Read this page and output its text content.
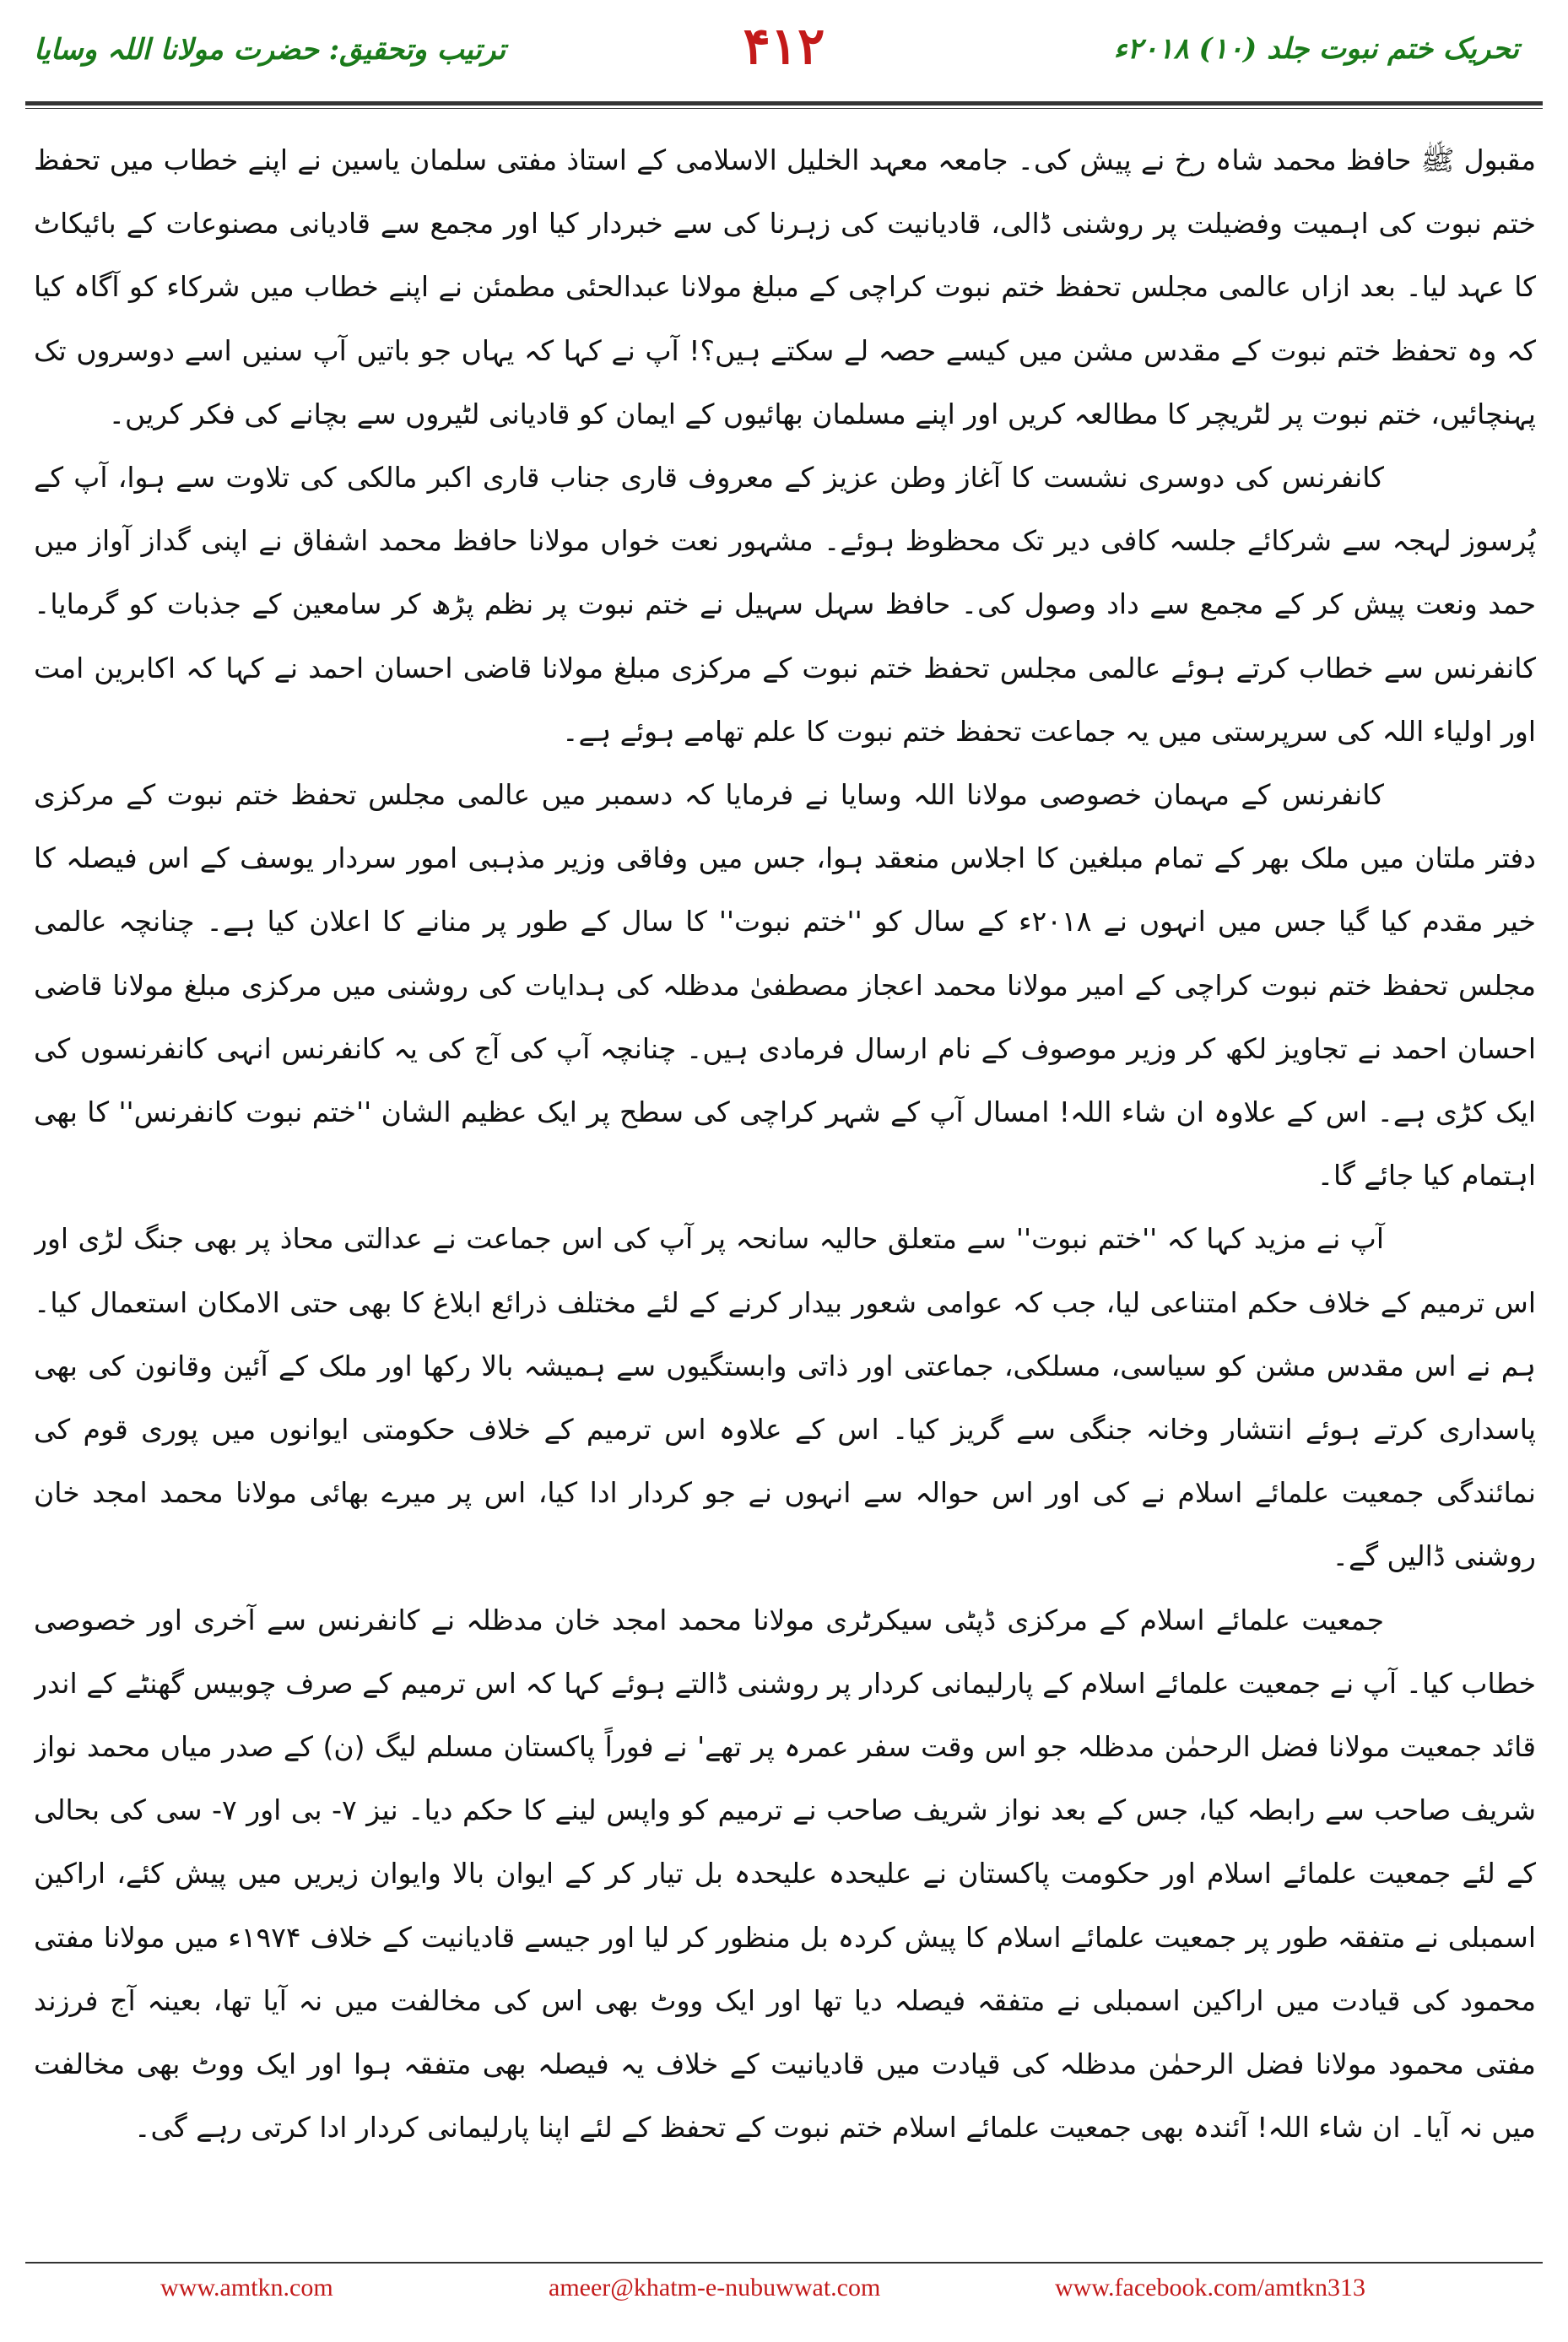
تحریک ختم نبوت جلد (۱۰) ۲۰۱۸ء
۴۱۲
ترتیب وتحقیق: حضرت مولانا اللہ وسایا

مقبول ﷺ حافظ محمد شاہ رخ نے پیش کی۔ جامعہ معہد الخلیل الاسلامی کے استاذ مفتی سلمان یاسین نے اپنے خطاب میں تحفظ ختم نبوت کی اہمیت وفضیلت پر روشنی ڈالی، قادیانیت کی زہرنا کی سے خبردار کیا اور مجمع سے قادیانی مصنوعات کے بائیکاٹ کا عہد لیا۔ بعد ازاں عالمی مجلس تحفظ ختم نبوت کراچی کے مبلغ مولانا عبدالحئی مطمئن نے اپنے خطاب میں شرکاء کو آگاہ کیا کہ وہ تحفظ ختم نبوت کے مقدس مشن میں کیسے حصہ لے سکتے ہیں؟! آپ نے کہا کہ یہاں جو باتیں آپ سنیں اسے دوسروں تک پہنچائیں، ختم نبوت پر لٹریچر کا مطالعہ کریں اور اپنے مسلمان بھائیوں کے ایمان کو قادیانی لٹیروں سے بچانے کی فکر کریں۔

کانفرنس کی دوسری نشست کا آغاز وطن عزیز کے معروف قاری جناب قاری اکبر مالکی کی تلاوت سے ہوا، آپ کے پُرسوز لہجہ سے شرکائے جلسہ کافی دیر تک محظوظ ہوئے۔ مشہور نعت خواں مولانا حافظ محمد اشفاق نے اپنی گداز آواز میں حمد ونعت پیش کر کے مجمع سے داد وصول کی۔ حافظ سہل سہیل نے ختم نبوت پر نظم پڑھ کر سامعین کے جذبات کو گرمایا۔ کانفرنس سے خطاب کرتے ہوئے عالمی مجلس تحفظ ختم نبوت کے مرکزی مبلغ مولانا قاضی احسان احمد نے کہا کہ اکابرین امت اور اولیاء اللہ کی سرپرستی میں یہ جماعت تحفظ ختم نبوت کا علم تھامے ہوئے ہے۔

کانفرنس کے مہمان خصوصی مولانا اللہ وسایا نے فرمایا کہ دسمبر میں عالمی مجلس تحفظ ختم نبوت کے مرکزی دفتر ملتان میں ملک بھر کے تمام مبلغین کا اجلاس منعقد ہوا، جس میں وفاقی وزیر مذہبی امور سردار یوسف کے اس فیصلہ کا خیر مقدم کیا گیا جس میں انہوں نے ۲۰۱۸ء کے سال کو ''ختم نبوت'' کا سال کے طور پر منانے کا اعلان کیا ہے۔ چنانچہ عالمی مجلس تحفظ ختم نبوت کراچی کے امیر مولانا محمد اعجاز مصطفیٰ مدظلہ کی ہدایات کی روشنی میں مرکزی مبلغ مولانا قاضی احسان احمد نے تجاویز لکھ کر وزیر موصوف کے نام ارسال فرمادی ہیں۔ چنانچہ آپ کی آج کی یہ کانفرنس انہی کانفرنسوں کی ایک کڑی ہے۔ اس کے علاوہ ان شاء اللہ! امسال آپ کے شہر کراچی کی سطح پر ایک عظیم الشان ''ختم نبوت کانفرنس'' کا بھی اہتمام کیا جائے گا۔

آپ نے مزید کہا کہ ''ختم نبوت'' سے متعلق حالیہ سانحہ پر آپ کی اس جماعت نے عدالتی محاذ پر بھی جنگ لڑی اور اس ترمیم کے خلاف حکم امتناعی لیا، جب کہ عوامی شعور بیدار کرنے کے لئے مختلف ذرائع ابلاغ کا بھی حتی الامکان استعمال کیا۔ ہم نے اس مقدس مشن کو سیاسی، مسلکی، جماعتی اور ذاتی وابستگیوں سے ہمیشہ بالا رکھا اور ملک کے آئین وقانون کی بھی پاسداری کرتے ہوئے انتشار وخانہ جنگی سے گریز کیا۔ اس کے علاوہ اس ترمیم کے خلاف حکومتی ایوانوں میں پوری قوم کی نمائندگی جمعیت علمائے اسلام نے کی اور اس حوالہ سے انہوں نے جو کردار ادا کیا، اس پر میرے بھائی مولانا محمد امجد خان روشنی ڈالیں گے۔

جمعیت علمائے اسلام کے مرکزی ڈپٹی سیکرٹری مولانا محمد امجد خان مدظلہ نے کانفرنس سے آخری اور خصوصی خطاب کیا۔ آپ نے جمعیت علمائے اسلام کے پارلیمانی کردار پر روشنی ڈالتے ہوئے کہا کہ اس ترمیم کے صرف چوبیس گھنٹے کے اندر قائد جمعیت مولانا فضل الرحمٰن مدظلہ جو اس وقت سفر عمرہ پر تھے' نے فوراً پاکستان مسلم لیگ (ن) کے صدر میاں محمد نواز شریف صاحب سے رابطہ کیا، جس کے بعد نواز شریف صاحب نے ترمیم کو واپس لینے کا حکم دیا۔ نیز ۷- بی اور ۷- سی کی بحالی کے لئے جمعیت علمائے اسلام اور حکومت پاکستان نے علیحدہ علیحدہ بل تیار کر کے ایوان بالا وایوان زیریں میں پیش کئے، اراکین اسمبلی نے متفقہ طور پر جمعیت علمائے اسلام کا پیش کردہ بل منظور کر لیا اور جیسے قادیانیت کے خلاف ۱۹۷۴ء میں مولانا مفتی محمود کی قیادت میں اراکین اسمبلی نے متفقہ فیصلہ دیا تھا اور ایک ووٹ بھی اس کی مخالفت میں نہ آیا تھا، بعینہ آج فرزند مفتی محمود مولانا فضل الرحمٰن مدظلہ کی قیادت میں قادیانیت کے خلاف یہ فیصلہ بھی متفقہ ہوا اور ایک ووٹ بھی مخالفت میں نہ آیا۔ ان شاء اللہ! آئندہ بھی جمعیت علمائے اسلام ختم نبوت کے تحفظ کے لئے اپنا پارلیمانی کردار ادا کرتی رہے گی۔

www.amtkn.com	ameer@khatm-e-nubuwwat.com	www.facebook.com/amtkn313
